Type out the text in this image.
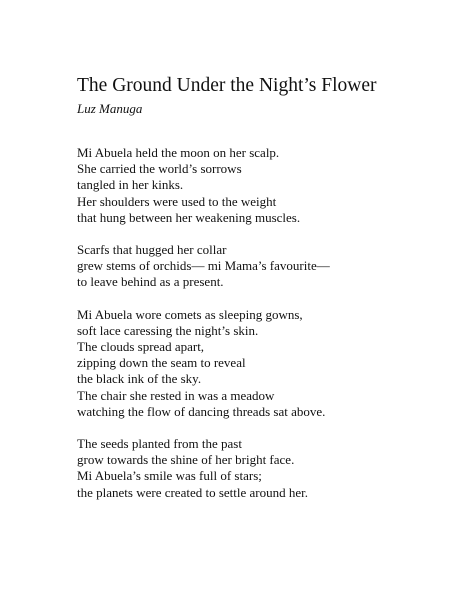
The Ground Under the Night’s Flower
Luz Manuga
Mi Abuela held the moon on her scalp.
She carried the world’s sorrows
tangled in her kinks.
Her shoulders were used to the weight
that hung between her weakening muscles.
Scarfs that hugged her collar
grew stems of orchids— mi Mama’s favourite—
to leave behind as a present.
Mi Abuela wore comets as sleeping gowns,
soft lace caressing the night’s skin.
The clouds spread apart,
zipping down the seam to reveal
the black ink of the sky.
The chair she rested in was a meadow
watching the flow of dancing threads sat above.
The seeds planted from the past
grow towards the shine of her bright face.
Mi Abuela’s smile was full of stars;
the planets were created to settle around her.
